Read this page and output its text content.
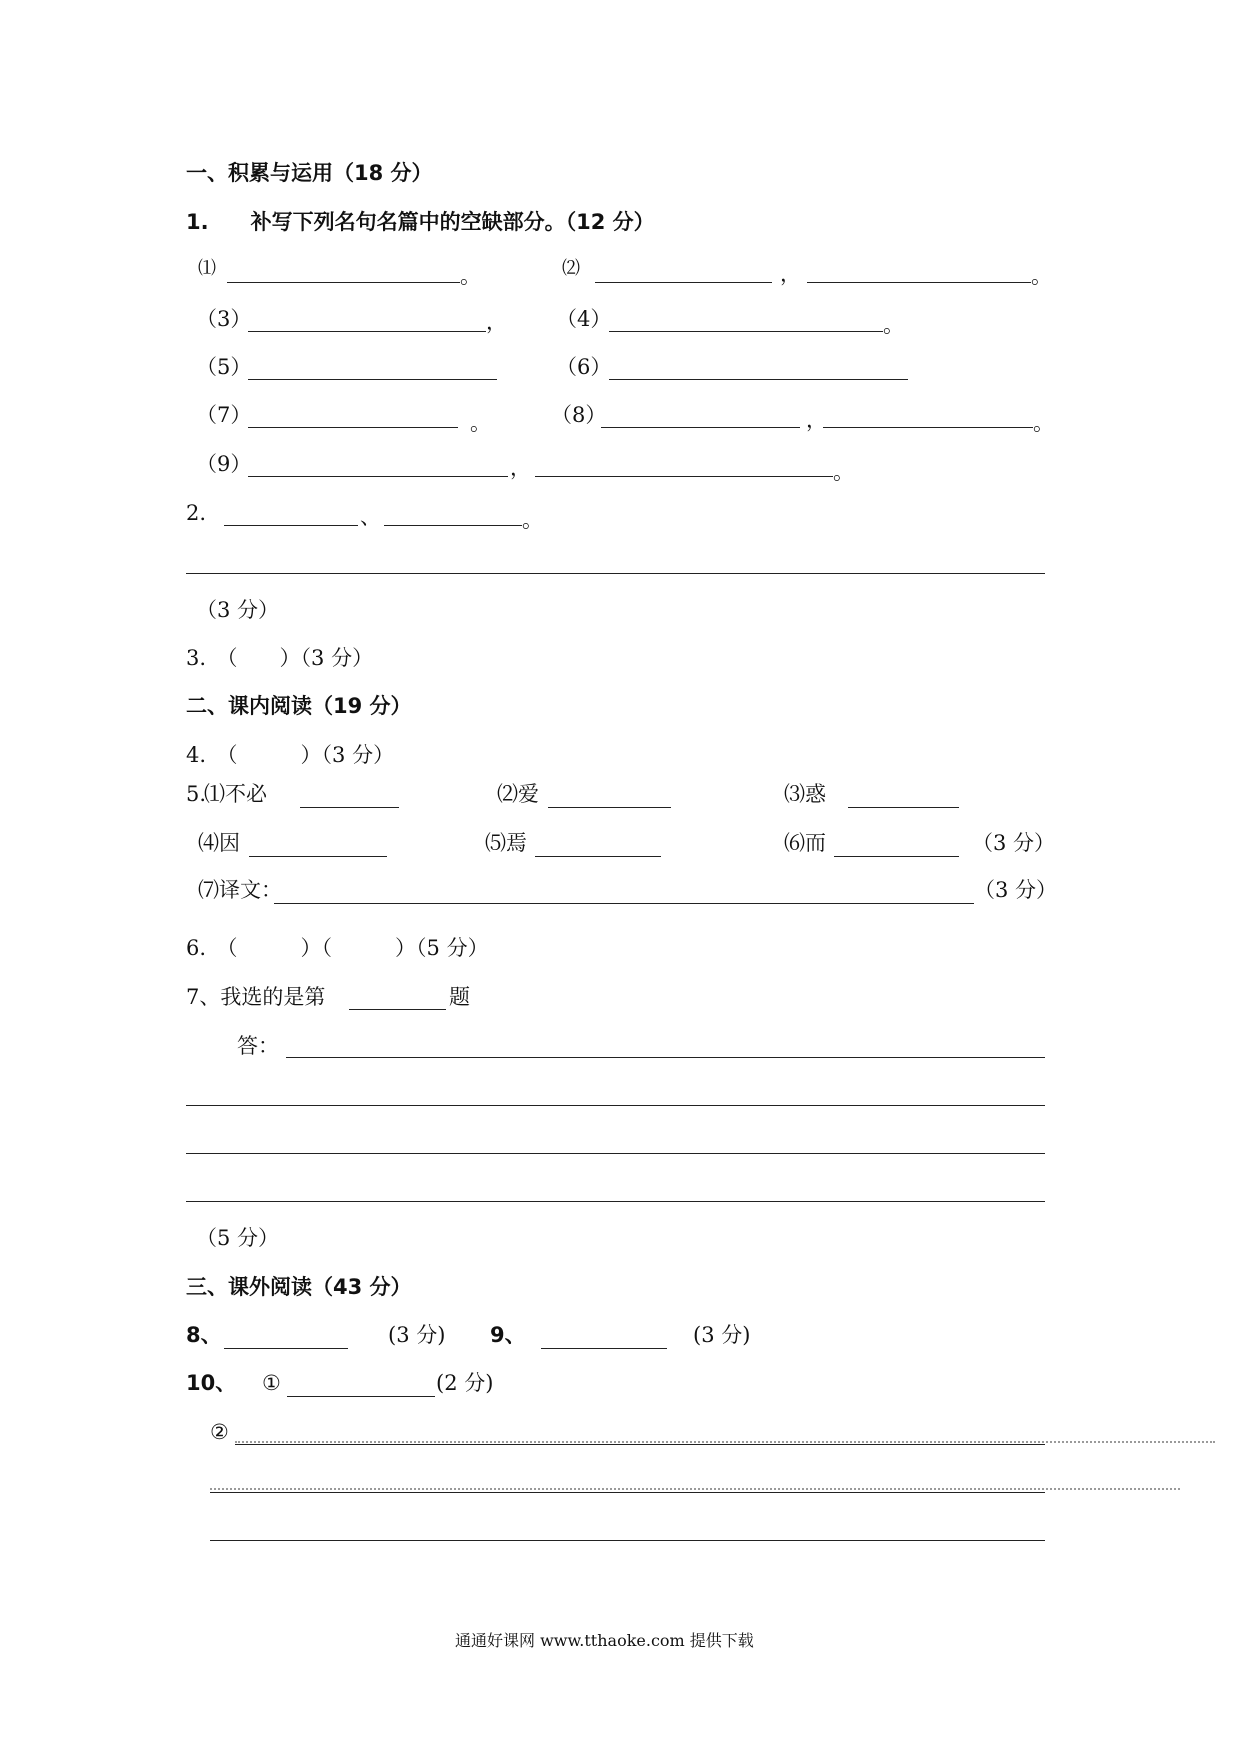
一、积累与运用（18 分）
1.　　补写下列名句名篇中的空缺部分。（12 分）
⑴	。	⑵	，	。
（3）	， （4）	。
（5）	（6）
（7）	。	（8）	，	。
（9）	，	。
2.	、	。
（3 分）
3.　（　　）（3 分）
二、课内阅读（19 分）
4.　（　　　）（3 分）
5.
⑴不必	⑵爱	⑶惑
⑷因	⑸焉	⑹而	（3 分）
⑺译文：	（3 分）
6.　（　　　）（　　　）（5 分）
7、我选的是第	题
答：
（5 分）
三、课外阅读（43 分）
8、	(3 分) 9、	(3 分)
10、 ①	(2 分)
②
通通好课网 www.tthaoke.com 提供下载
